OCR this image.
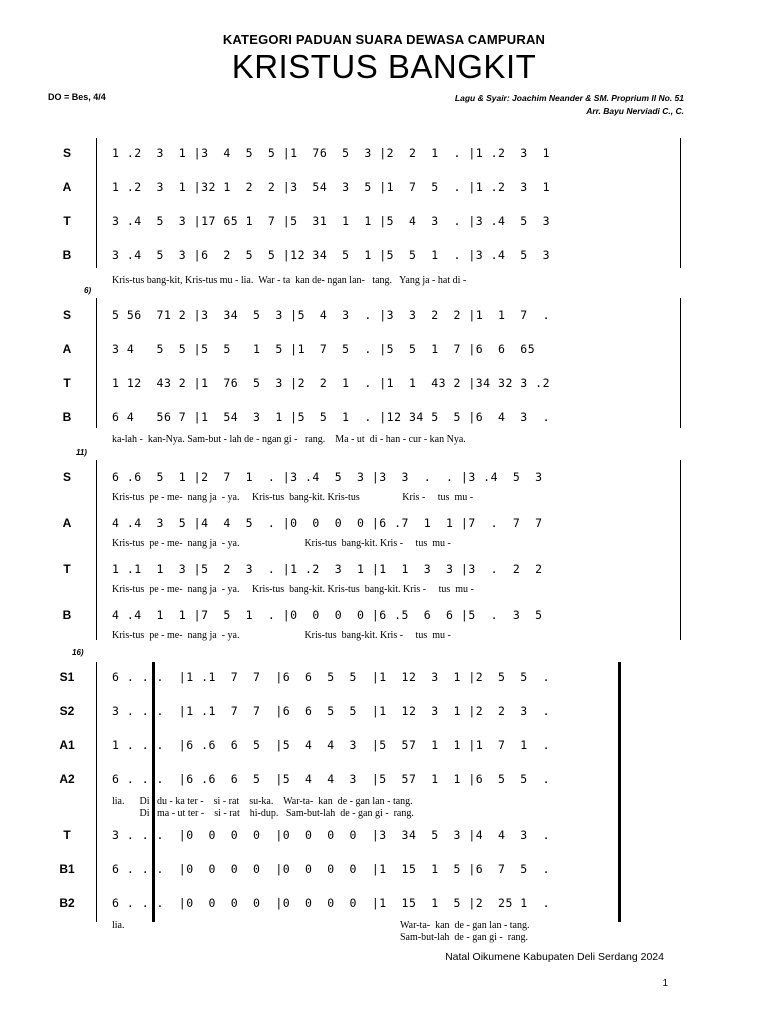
KATEGORI PADUAN SUARA DEWASA CAMPURAN
KRISTUS BANGKIT
DO = Bes, 4/4	Lagu & Syair: Joachim Neander & SM. Proprium II No. 51
Arr. Bayu Nerviadi C., C.
S
A
T
B
1 .2  3  1 |3  4  5  5 |1  76  5  3 |2  2  1  . |1 .2  3  1
1 .2  3  1 |32 1  2  2 |3  54  3  5 |1  7  5  . |1 .2  3  1
3 .4  5  3 |17 65 1  7 |5  31  1  1 |5  4  3  . |3 .4  5  3
3 .4  5  3 |6  2  5  5 |12 34  5  1 |5  5  1  . |3 .4  5  3
Kris-tus bang-kit, Kris-tus mu - lia.  War - ta  kan de- ngan lan-   tang.   Yang ja - hat di -
6)
S
A
T
B
5 56  71 2 |3  34  5  3 |5  4  3  . |3  3  2  2 |1  1  7  .
3 4   5  5 |5  5   1  5 |1  7  5  . |5  5  1  7 |6  6  65
1 12  43 2 |1  76  5  3 |2  2  1  . |1  1  43 2 |34 32 3 .2
6 4   56 7 |1  54  3  1 |5  5  1  . |12 34 5  5 |6  4  3  .
ka-lah -  kan-Nya. Sam-but - lah de - ngan gi -   rang.    Ma - ut  di - han - cur - kan Nya.
11)
S
A
T
B
6 .6  5  1 |2  7  1  . |3 .4  5  3 |3  3  .  . |3 .4  5  3
Kris-tus  pe - me-  nang ja  - ya.     Kris-tus  bang-kit. Kris-tus                 Kris -     tus  mu -
4 .4  3  5 |4  4  5  . |0  0  0  0 |6 .7  1  1 |7  .  7  7
Kris-tus  pe - me-  nang ja  - ya.                          Kris-tus  bang-kit. Kris -     tus  mu -
1 .1  1  3 |5  2  3  . |1 .2  3  1 |1  1  3  3 |3  .  2  2
Kris-tus  pe - me-  nang ja  - ya.     Kris-tus  bang-kit. Kris-tus  bang-kit. Kris -     tus  mu -
4 .4  1  1 |7  5  1  . |0  0  0  0 |6 .5  6  6 |5  .  3  5
Kris-tus  pe - me-  nang ja  - ya.                          Kris-tus  bang-kit. Kris -     tus  mu -
16)
S1
S2
A1
A2
6 . . .  |1 .1  7  7  |6  6  5  5  |1  12  3  1 |2  5  5  .
3 . . .  |1 .1  7  7  |6  6  5  5  |1  12  3  1 |2  2  3  .
1 . . .  |6 .6  6  5  |5  4  4  3  |5  57  1  1 |1  7  1  .
6 . . .  |6 .6  6  5  |5  4  4  3  |5  57  1  1 |6  5  5  .
lia.      Di   du - ka ter -    si - rat    su-ka.    War-ta-  kan  de - gan lan - tang.
Di   ma - ut ter -    si - rat    hi-dup.   Sam-but-lah  de - gan gi -  rang.
T
B1
B2
3 . . .  |0  0  0  0  |0  0  0  0  |3  34  5  3 |4  4  3  .
6 . . .  |0  0  0  0  |0  0  0  0  |1  15  1  5 |6  7  5  .
6 . . .  |0  0  0  0  |0  0  0  0  |1  15  1  5 |2  25 1  .
lia.	War-ta-  kan  de - gan lan - tang.
Sam-but-lah  de - gan gi -  rang.
Natal Oikumene Kabupaten Deli Serdang 2024
1
